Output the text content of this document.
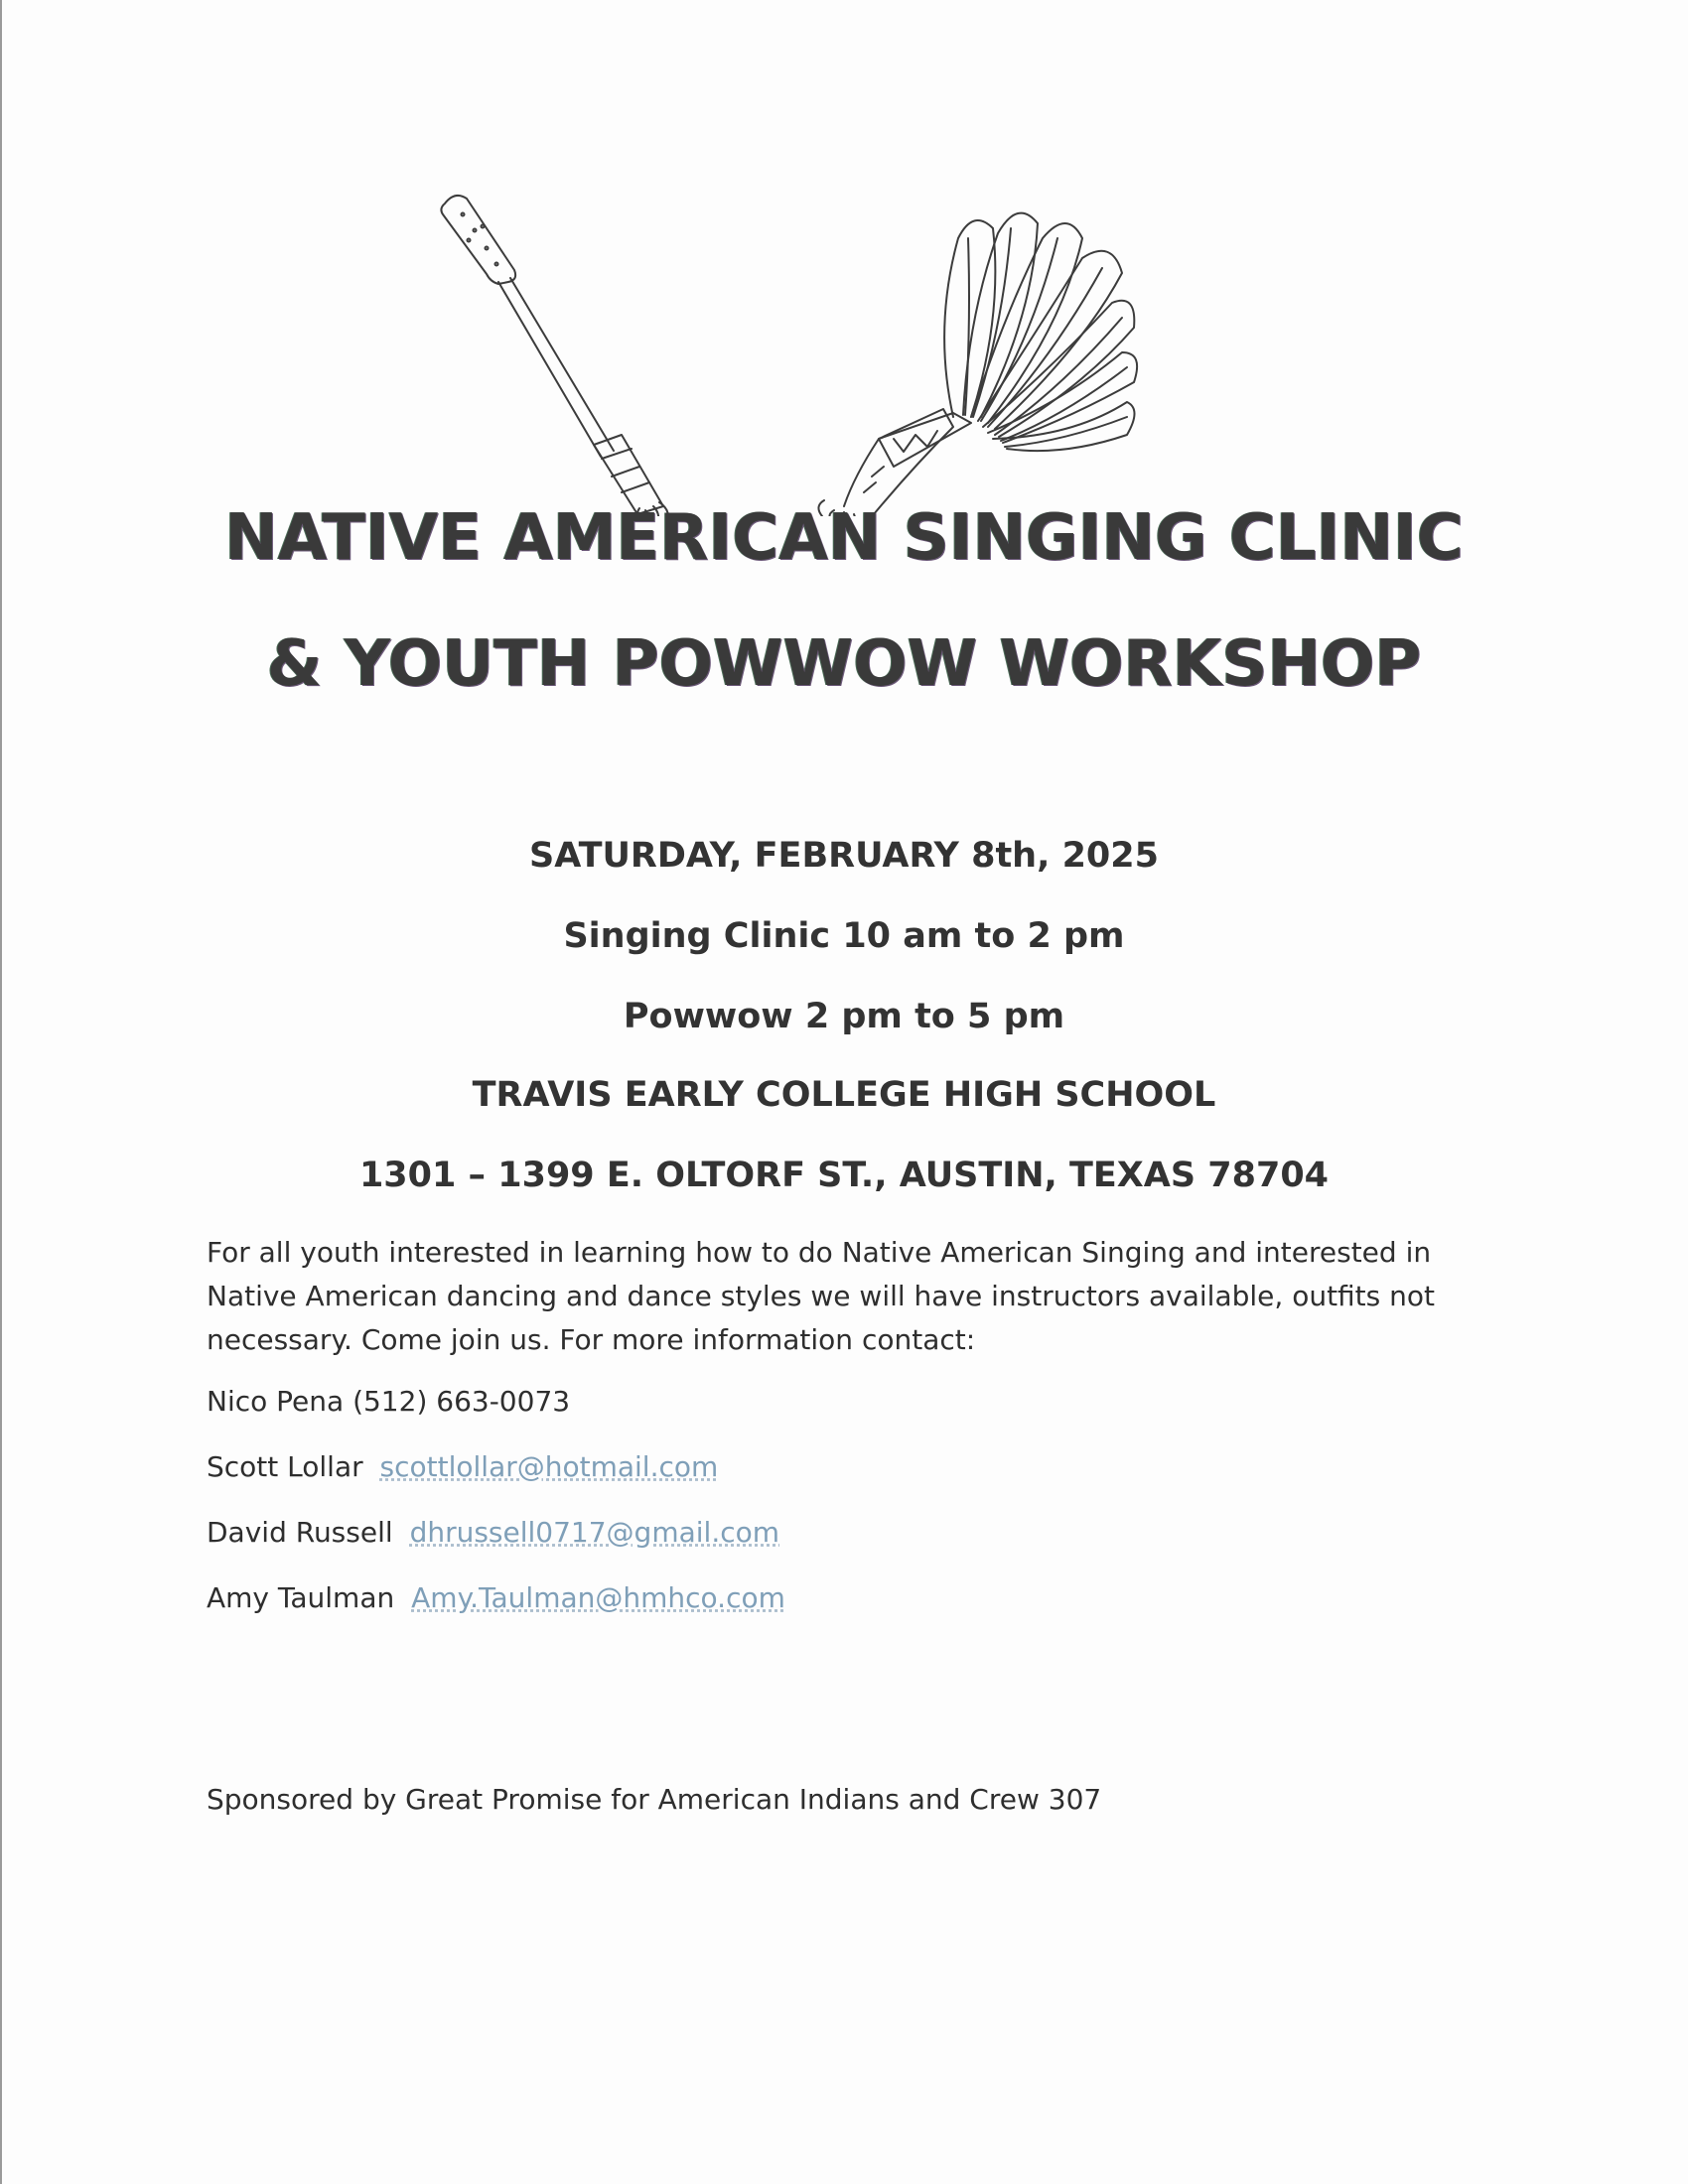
NATIVE AMERICAN SINGING CLINIC
& YOUTH POWWOW WORKSHOP
SATURDAY, FEBRUARY 8th, 2025
Singing Clinic 10 am to 2 pm
Powwow 2 pm to 5 pm
TRAVIS EARLY COLLEGE HIGH SCHOOL
1301 – 1399 E. OLTORF ST., AUSTIN, TEXAS 78704
For all youth interested in learning how to do Native American Singing and interested in Native American dancing and dance styles we will have instructors available, outfits not necessary. Come join us. For more information contact:
Nico Pena (512) 663-0073
Scott Lollar scottlollar@hotmail.com
David Russell dhrussell0717@gmail.com
Amy Taulman Amy.Taulman@hmhco.com
Sponsored by Great Promise for American Indians and Crew 307
